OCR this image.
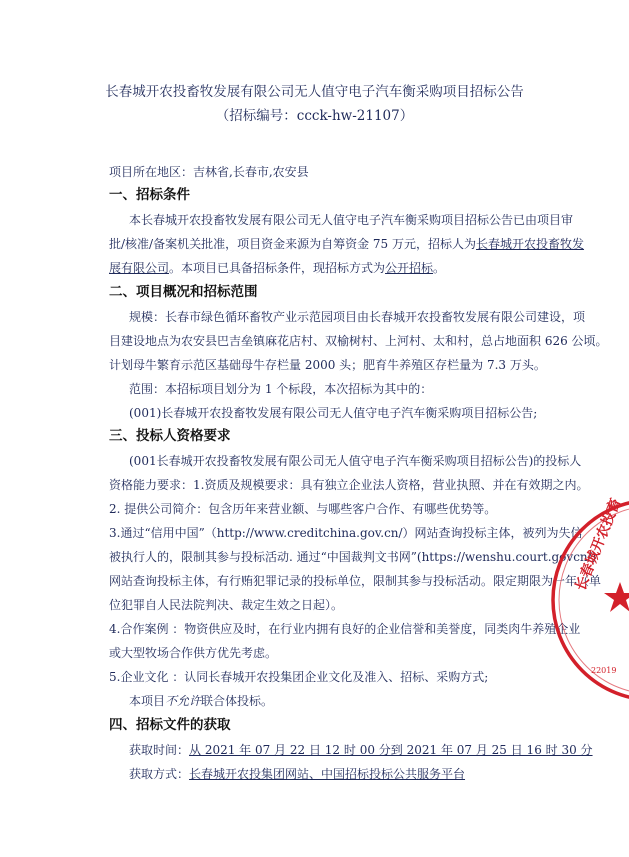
长春城开农投畜牧发展有限公司无人值守电子汽车衡采购项目招标公告
（招标编号：ccck-hw-21107）
项目所在地区：吉林省,长春市,农安县
一、招标条件
本长春城开农投畜牧发展有限公司无人值守电子汽车衡采购项目招标公告已由项目审
批/核准/备案机关批准，项目资金来源为自筹资金 75 万元，招标人为长春城开农投畜牧发
展有限公司。本项目已具备招标条件，现招标方式为公开招标。
二、项目概况和招标范围
规模：长春市绿色循环畜牧产业示范园项目由长春城开农投畜牧发展有限公司建设，项
目建设地点为农安县巴吉垒镇麻花店村、双榆树村、上河村、太和村，总占地面积 626 公顷。
计划母牛繁育示范区基础母牛存栏量 2000 头；肥育牛养殖区存栏量为 7.3 万头。
范围：本招标项目划分为 1 个标段，本次招标为其中的：
(001)长春城开农投畜牧发展有限公司无人值守电子汽车衡采购项目招标公告;
三、投标人资格要求
(001长春城开农投畜牧发展有限公司无人值守电子汽车衡采购项目招标公告)的投标人
资格能力要求：1.资质及规模要求：具有独立企业法人资格，营业执照、并在有效期之内。
2. 提供公司简介：包含历年来营业额、与哪些客户合作、有哪些优势等。
3.通过“信用中国”（http://www.creditchina.gov.cn/）网站查询投标主体，被列为失信
被执行人的，限制其参与投标活动. 通过“中国裁判文书网”(https://wenshu.court.govcn/)
网站查询投标主体，有行贿犯罪记录的投标单位，限制其参与投标活动。限定期限为一年（单
位犯罪自人民法院判决、裁定生效之日起）。
4.合作案例 ：物资供应及时，在行业内拥有良好的企业信誉和美誉度，同类肉牛养殖企业
或大型牧场合作供方优先考虑。
5.企业文化 ：认同长春城开农投集团企业文化及准入、招标、采购方式;
本项目不允许联合体投标。
四、招标文件的获取
获取时间：从 2021 年 07 月 22 日 12 时 00 分到 2021 年 07 月 25 日 16 时 30 分
获取方式：长春城开农投集团网站、中国招标投标公共服务平台
长春城开农投畜
22019
